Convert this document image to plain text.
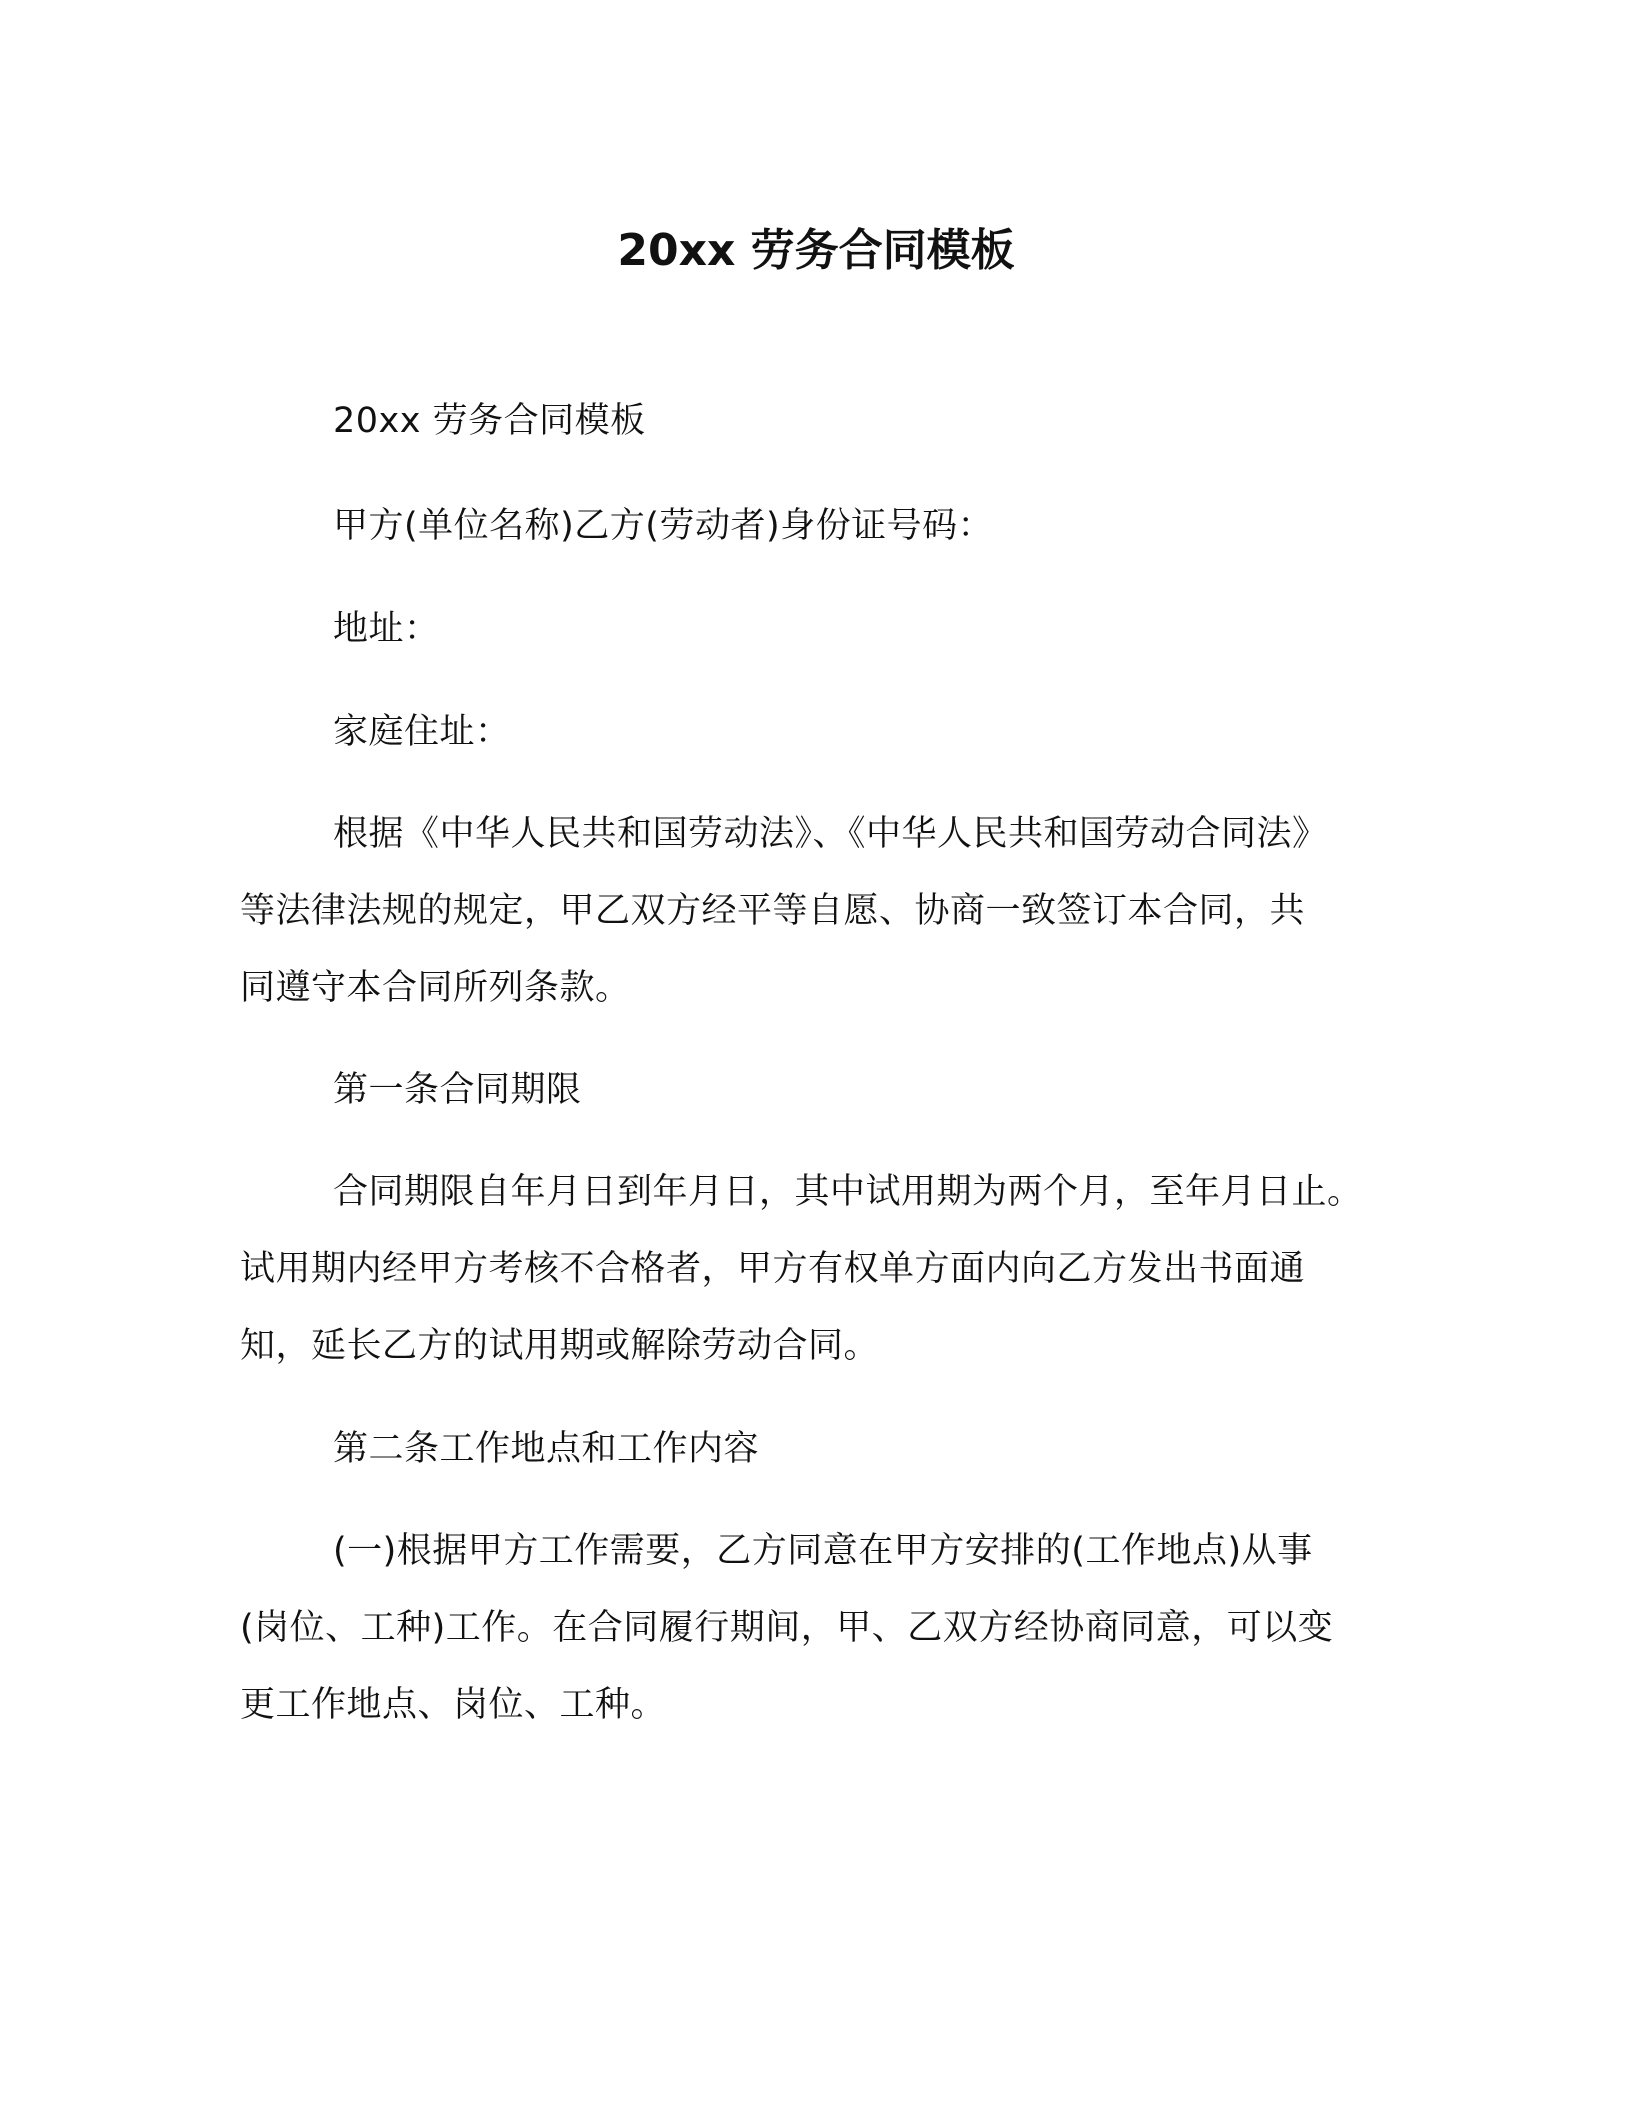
20xx 劳务合同模板
20xx 劳务合同模板
甲方(单位名称)乙方(劳动者)身份证号码：
地址：
家庭住址：
根据《中华人民共和国劳动法》、《中华人民共和国劳动合同法》
等法律法规的规定，甲乙双方经平等自愿、协商一致签订本合同，共
同遵守本合同所列条款。
第一条合同期限
合同期限自年月日到年月日，其中试用期为两个月，至年月日止。
试用期内经甲方考核不合格者，甲方有权单方面内向乙方发出书面通
知，延长乙方的试用期或解除劳动合同。
第二条工作地点和工作内容
(一)根据甲方工作需要，乙方同意在甲方安排的(工作地点)从事
(岗位、工种)工作。在合同履行期间，甲、乙双方经协商同意，可以变
更工作地点、岗位、工种。
